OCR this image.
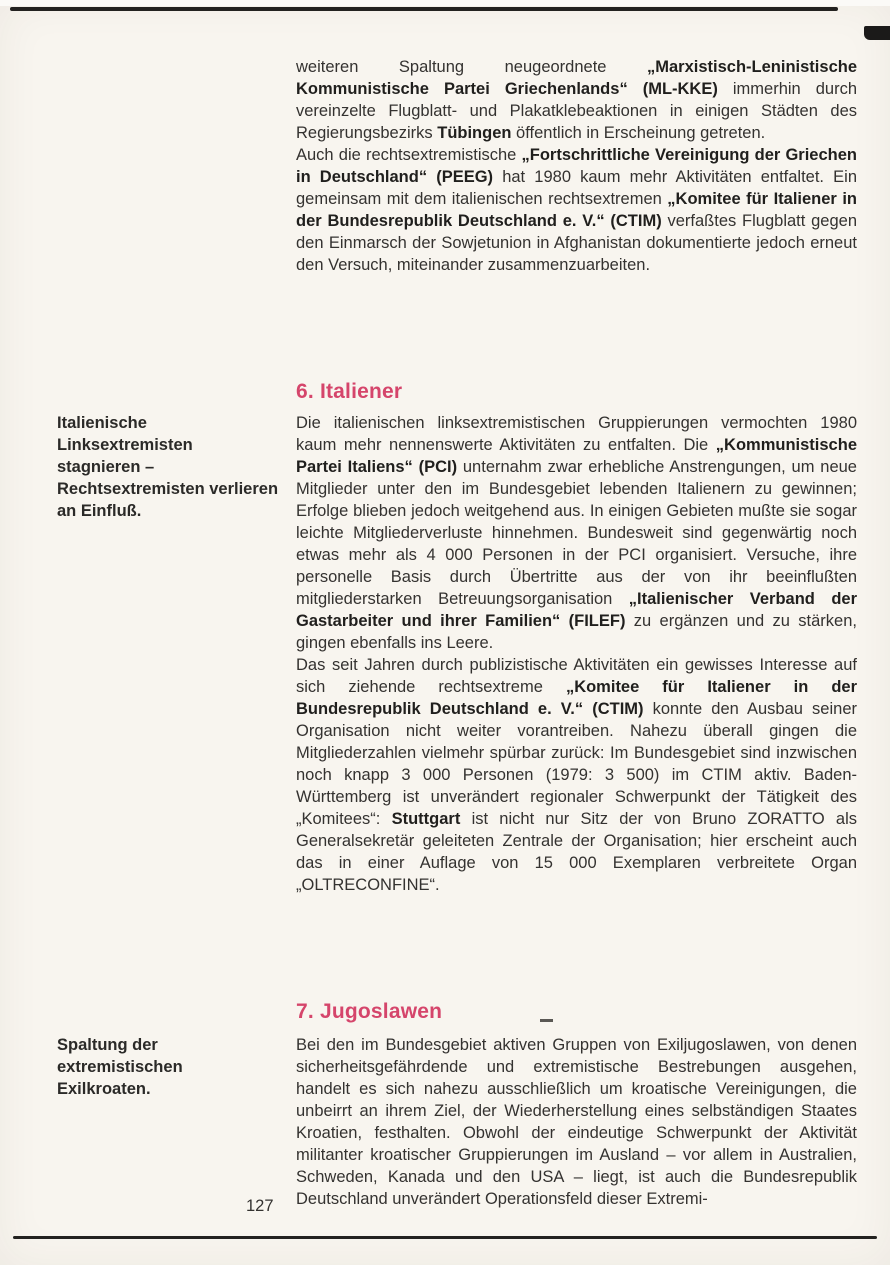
weiteren Spaltung neugeordnete „Marxistisch-Leninistische Kommunistische Partei Griechenlands“ (ML-KKE) immerhin durch vereinzelte Flugblatt- und Plakatklebeaktionen in einigen Städten des Regierungsbezirks Tübingen öffentlich in Erscheinung getreten.

Auch die rechtsextremistische „Fortschrittliche Vereinigung der Griechen in Deutschland“ (PEEG) hat 1980 kaum mehr Aktivitäten entfaltet. Ein gemeinsam mit dem italienischen rechtsextremen „Komitee für Italiener in der Bundesrepublik Deutschland e. V.“ (CTIM) verfaßtes Flugblatt gegen den Einmarsch der Sowjetunion in Afghanistan dokumentierte jedoch erneut den Versuch, miteinander zusammenzuarbeiten.

6. Italiener
Italienische Linksextremisten stagnieren – Rechtsextremisten verlieren an Einfluß.

Die italienischen linksextremistischen Gruppierungen vermochten 1980 kaum mehr nennenswerte Aktivitäten zu entfalten. Die „Kommunistische Partei Italiens“ (PCI) unternahm zwar erhebliche Anstrengungen, um neue Mitglieder unter den im Bundesgebiet lebenden Italienern zu gewinnen; Erfolge blieben jedoch weitgehend aus. In einigen Gebieten mußte sie sogar leichte Mitgliederverluste hinnehmen. Bundesweit sind gegenwärtig noch etwas mehr als 4 000 Personen in der PCI organisiert. Versuche, ihre personelle Basis durch Übertritte aus der von ihr beeinflußten mitgliederstarken Betreuungsorganisation „Italienischer Verband der Gastarbeiter und ihrer Familien“ (FILEF) zu ergänzen und zu stärken, gingen ebenfalls ins Leere.

Das seit Jahren durch publizistische Aktivitäten ein gewisses Interesse auf sich ziehende rechtsextreme „Komitee für Italiener in der Bundesrepublik Deutschland e. V.“ (CTIM) konnte den Ausbau seiner Organisation nicht weiter vorantreiben. Nahezu überall gingen die Mitgliederzahlen vielmehr spürbar zurück: Im Bundesgebiet sind inzwischen noch knapp 3 000 Personen (1979: 3 500) im CTIM aktiv. Baden-Württemberg ist unverändert regionaler Schwerpunkt der Tätigkeit des „Komitees“: Stuttgart ist nicht nur Sitz der von Bruno ZORATTO als Generalsekretär geleiteten Zentrale der Organisation; hier erscheint auch das in einer Auflage von 15 000 Exemplaren verbreitete Organ „OLTRECONFINE“.

7. Jugoslawen
Spaltung der extremistischen Exilkroaten.

Bei den im Bundesgebiet aktiven Gruppen von Exiljugoslawen, von denen sicherheitsgefährdende und extremistische Bestrebungen ausgehen, handelt es sich nahezu ausschließlich um kroatische Vereinigungen, die unbeirrt an ihrem Ziel, der Wiederherstellung eines selbständigen Staates Kroatien, festhalten. Obwohl der eindeutige Schwerpunkt der Aktivität militanter kroatischer Gruppierungen im Ausland – vor allem in Australien, Schweden, Kanada und den USA – liegt, ist auch die Bundesrepublik Deutschland unverändert Operationsfeld dieser Extremi-

127
